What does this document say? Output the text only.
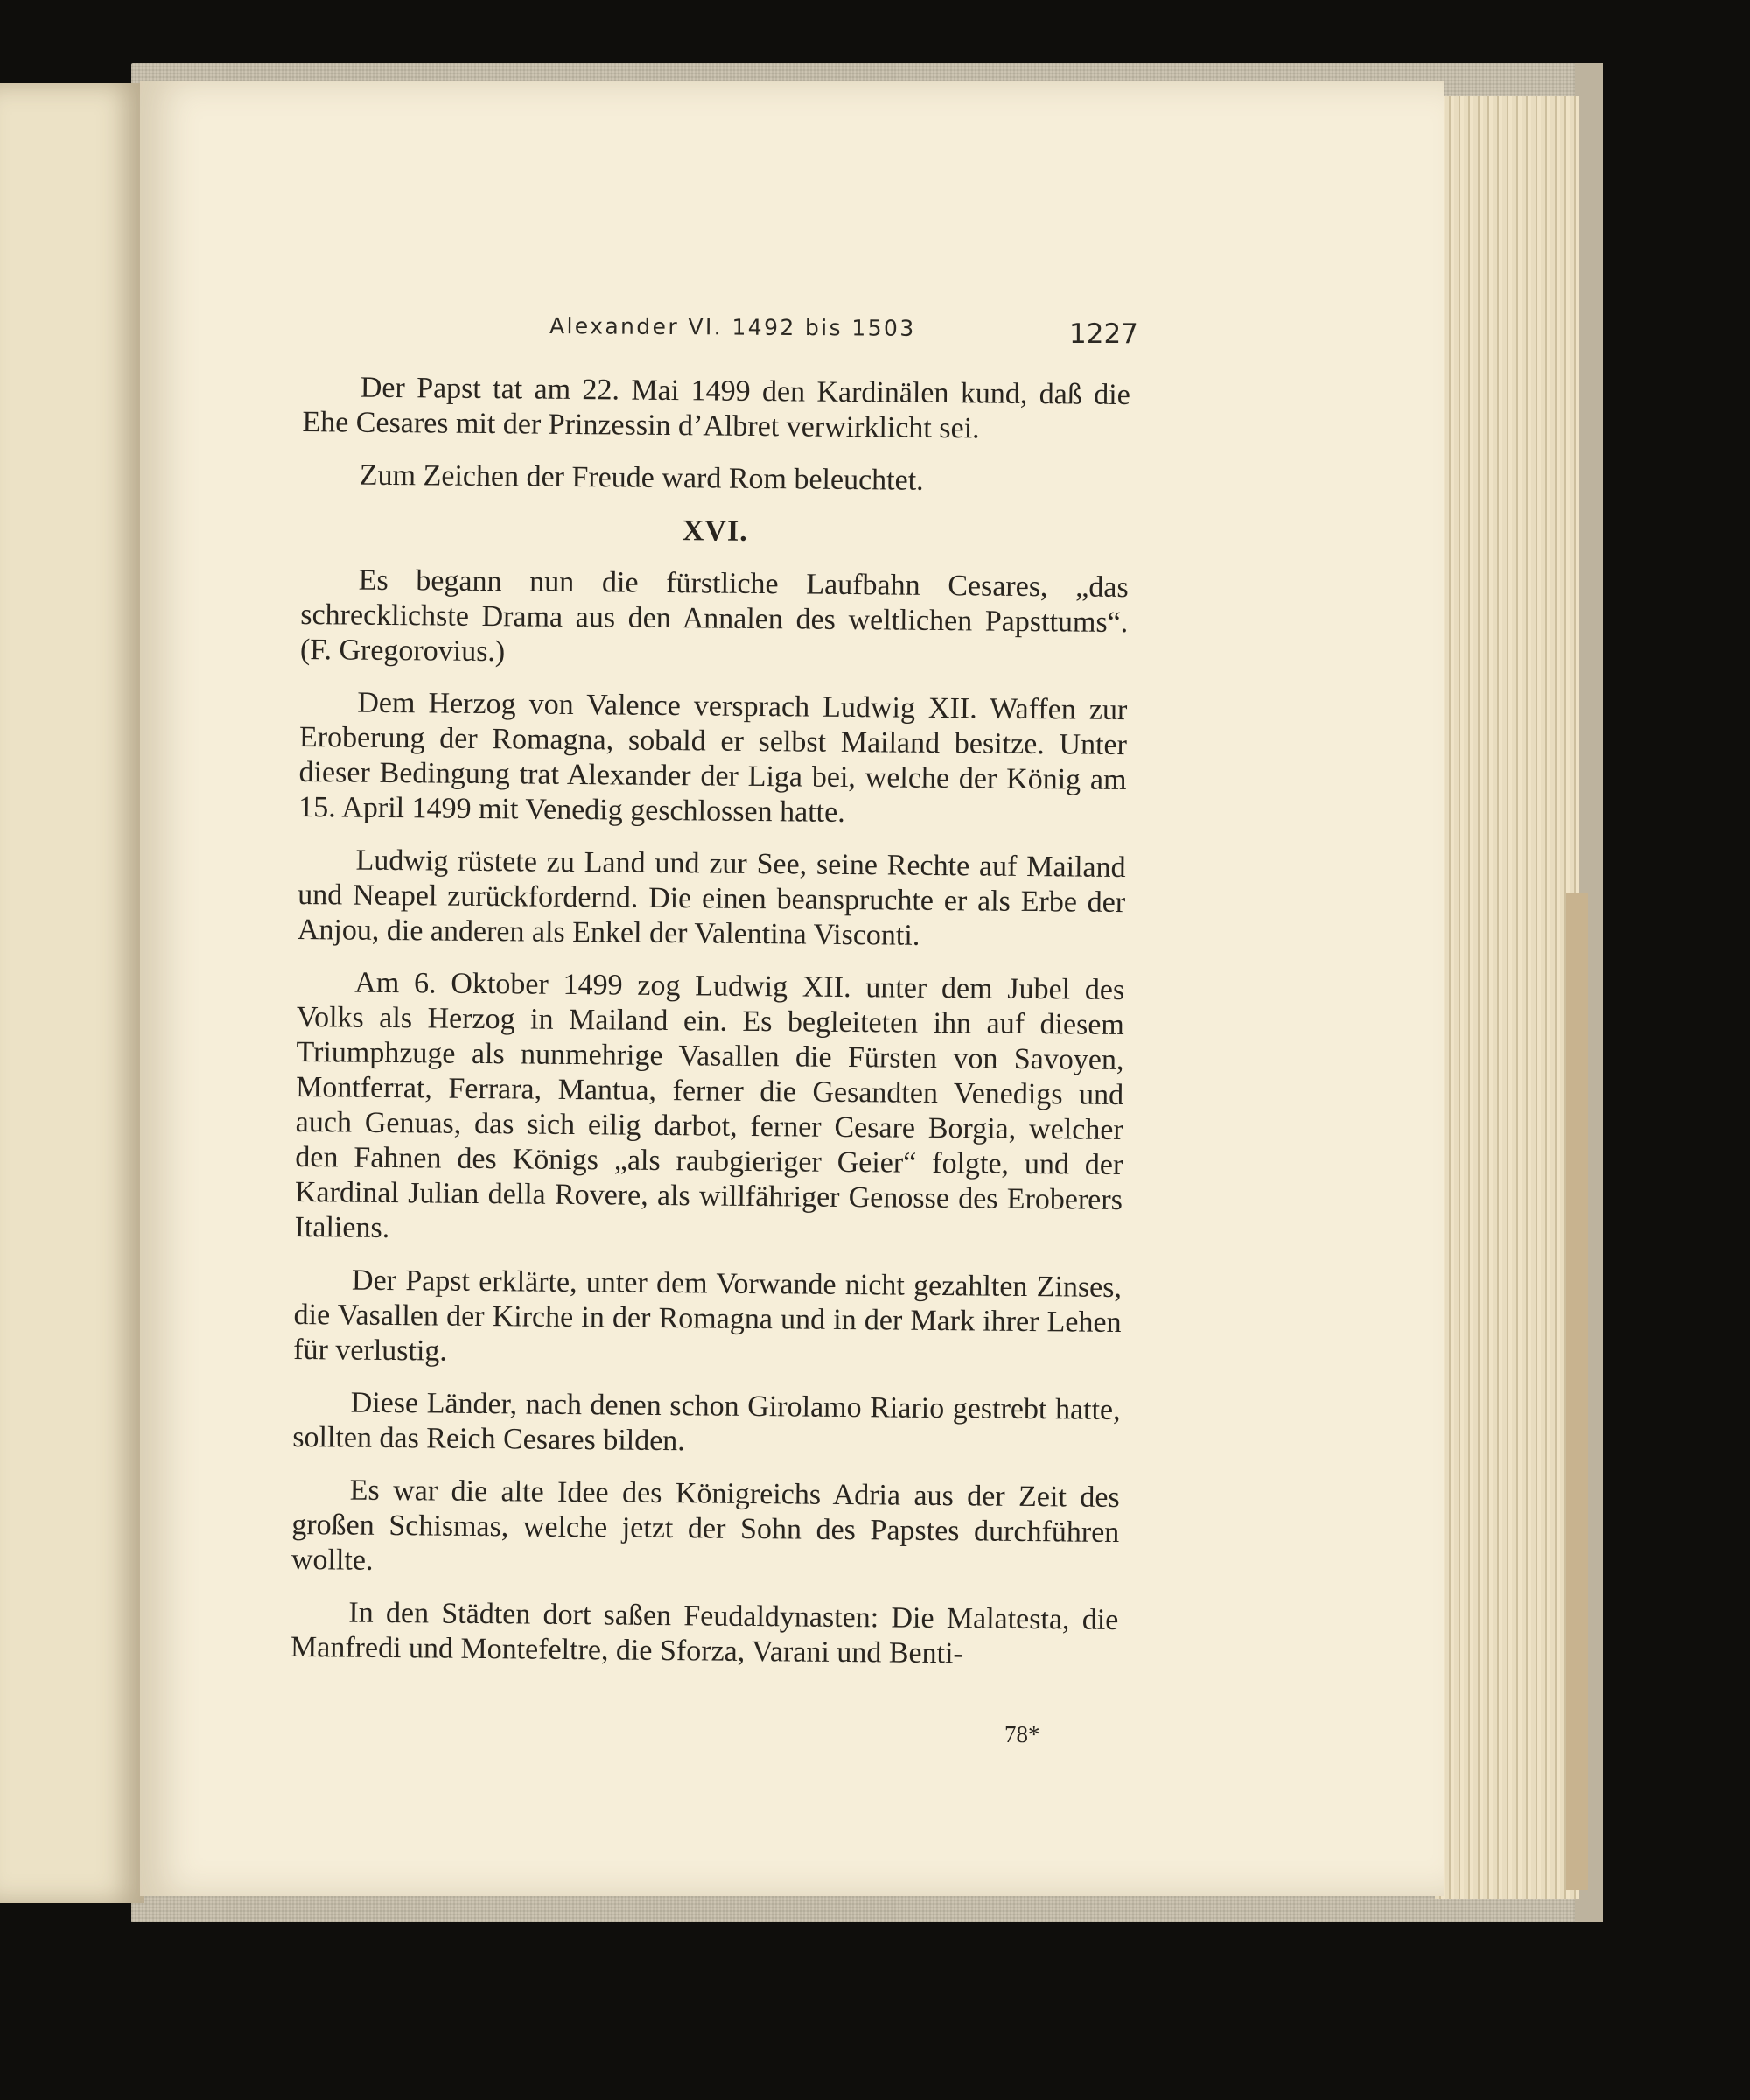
Alexander VI. 1492 bis 1503	1227

Der Papst tat am 22. Mai 1499 den Kardinälen kund, daß die Ehe Cesares mit der Prinzessin d’Albret verwirklicht sei.

Zum Zeichen der Freude ward Rom beleuchtet.

XVI.

Es begann nun die fürstliche Laufbahn Cesares, „das schrecklichste Drama aus den Annalen des weltlichen Papsttums“. (F. Gregorovius.)

Dem Herzog von Valence versprach Ludwig XII. Waffen zur Eroberung der Romagna, sobald er selbst Mailand besitze. Unter dieser Bedingung trat Alexander der Liga bei, welche der König am 15. April 1499 mit Venedig geschlossen hatte.

Ludwig rüstete zu Land und zur See, seine Rechte auf Mailand und Neapel zurückfordernd. Die einen beanspruchte er als Erbe der Anjou, die anderen als Enkel der Valentina Visconti.

Am 6. Oktober 1499 zog Ludwig XII. unter dem Jubel des Volks als Herzog in Mailand ein. Es begleiteten ihn auf diesem Triumphzuge als nunmehrige Vasallen die Fürsten von Savoyen, Montferrat, Ferrara, Mantua, ferner die Gesandten Venedigs und auch Genuas, das sich eilig darbot, ferner Cesare Borgia, welcher den Fahnen des Königs „als raubgieriger Geier“ folgte, und der Kardinal Julian della Rovere, als willfähriger Genosse des Eroberers Italiens.

Der Papst erklärte, unter dem Vorwande nicht gezahlten Zinses, die Vasallen der Kirche in der Romagna und in der Mark ihrer Lehen für verlustig.

Diese Länder, nach denen schon Girolamo Riario gestrebt hatte, sollten das Reich Cesares bilden.

Es war die alte Idee des Königreichs Adria aus der Zeit des großen Schismas, welche jetzt der Sohn des Papstes durchführen wollte.

In den Städten dort saßen Feudaldynasten: Die Malatesta, die Manfredi und Montefeltre, die Sforza, Varani und Benti-

78*
